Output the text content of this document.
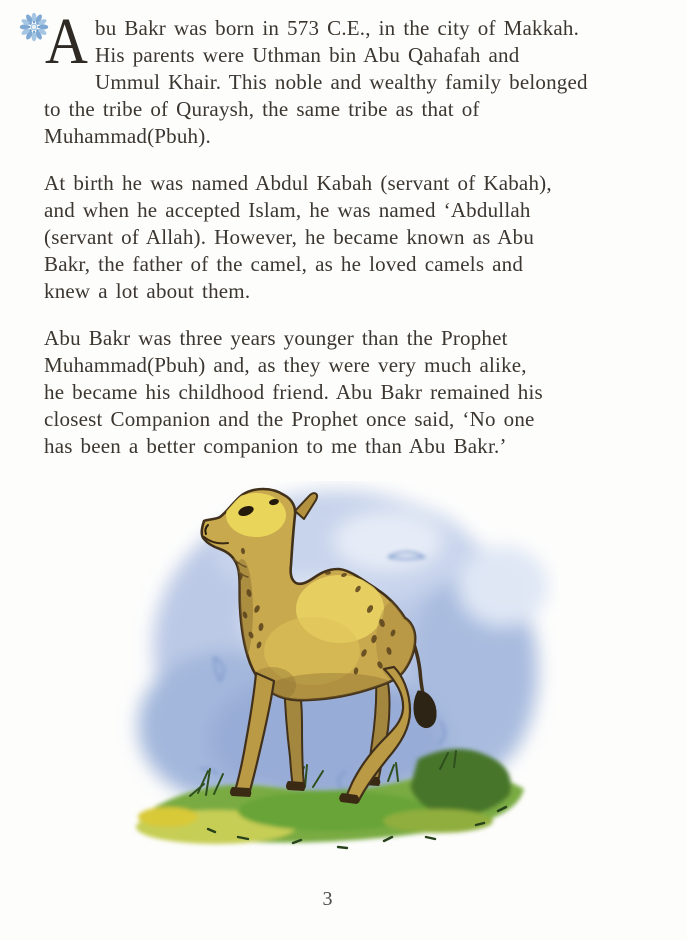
A bu Bakr was born in 573 C.E., in the city of Makkah.
His parents were Uthman bin Abu Qahafah and
Ummul Khair. This noble and wealthy family belonged
to the tribe of Quraysh, the same tribe as that of
Muhammad(Pbuh).
At birth he was named Abdul Kabah (servant of Kabah),
and when he accepted Islam, he was named ‘Abdullah
(servant of Allah). However, he became known as Abu
Bakr, the father of the camel, as he loved camels and
knew a lot about them.
Abu Bakr was three years younger than the Prophet
Muhammad(Pbuh) and, as they were very much alike,
he became his childhood friend. Abu Bakr remained his
closest Companion and the Prophet once said, ‘No one
has been a better companion to me than Abu Bakr.’
3
